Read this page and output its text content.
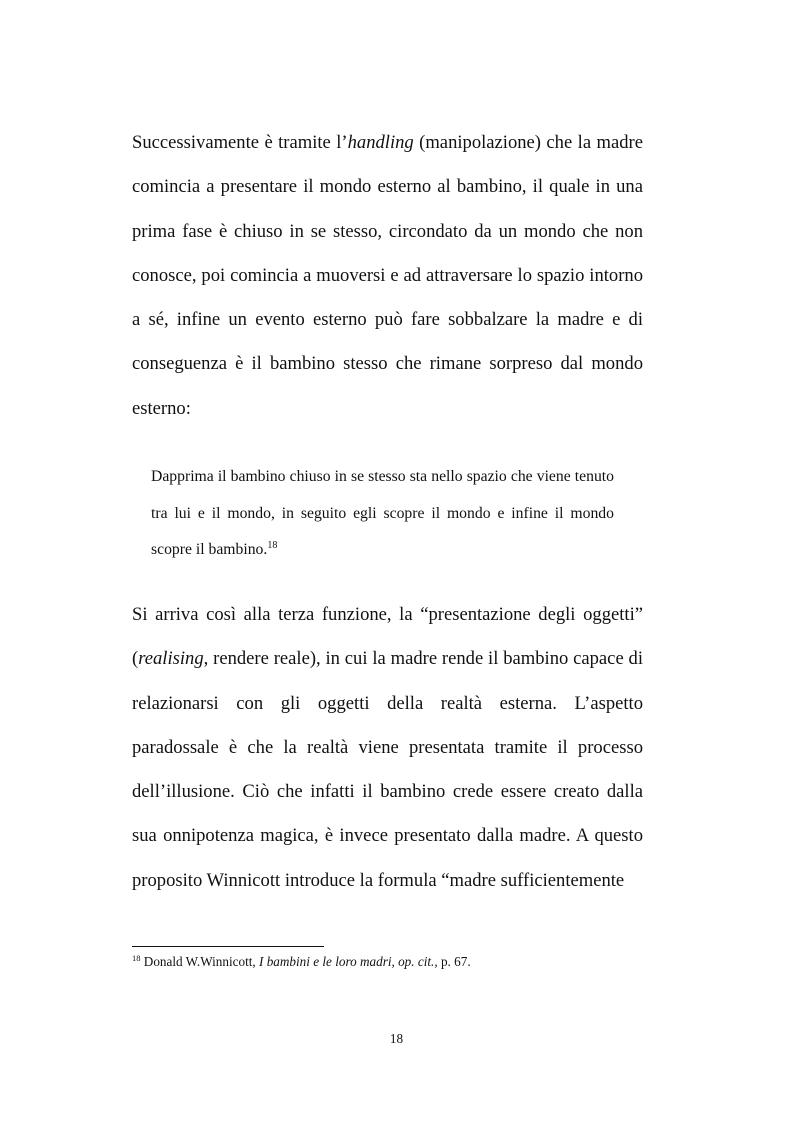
Successivamente è tramite l’handling (manipolazione) che la madre comincia a presentare il mondo esterno al bambino, il quale in una prima fase è chiuso in se stesso, circondato da un mondo che non conosce, poi comincia a muoversi e ad attraversare lo spazio intorno a sé, infine un evento esterno può fare sobbalzare la madre e di conseguenza è il bambino stesso che rimane sorpreso dal mondo esterno:

Dapprima il bambino chiuso in se stesso sta nello spazio che viene tenuto tra lui e il mondo, in seguito egli scopre il mondo e infine il mondo scopre il bambino.$^{18}$

Si arriva così alla terza funzione, la “presentazione degli oggetti” (realising, rendere reale), in cui la madre rende il bambino capace di relazionarsi con gli oggetti della realtà esterna. L’aspetto paradossale è che la realtà viene presentata tramite il processo dell’illusione. Ciò che infatti il bambino crede essere creato dalla sua onnipotenza magica, è invece presentato dalla madre. A questo proposito Winnicott introduce la formula “madre sufficientemente

$^{18}$ Donald W.Winnicott, I bambini e le loro madri, op. cit., p. 67.

18
